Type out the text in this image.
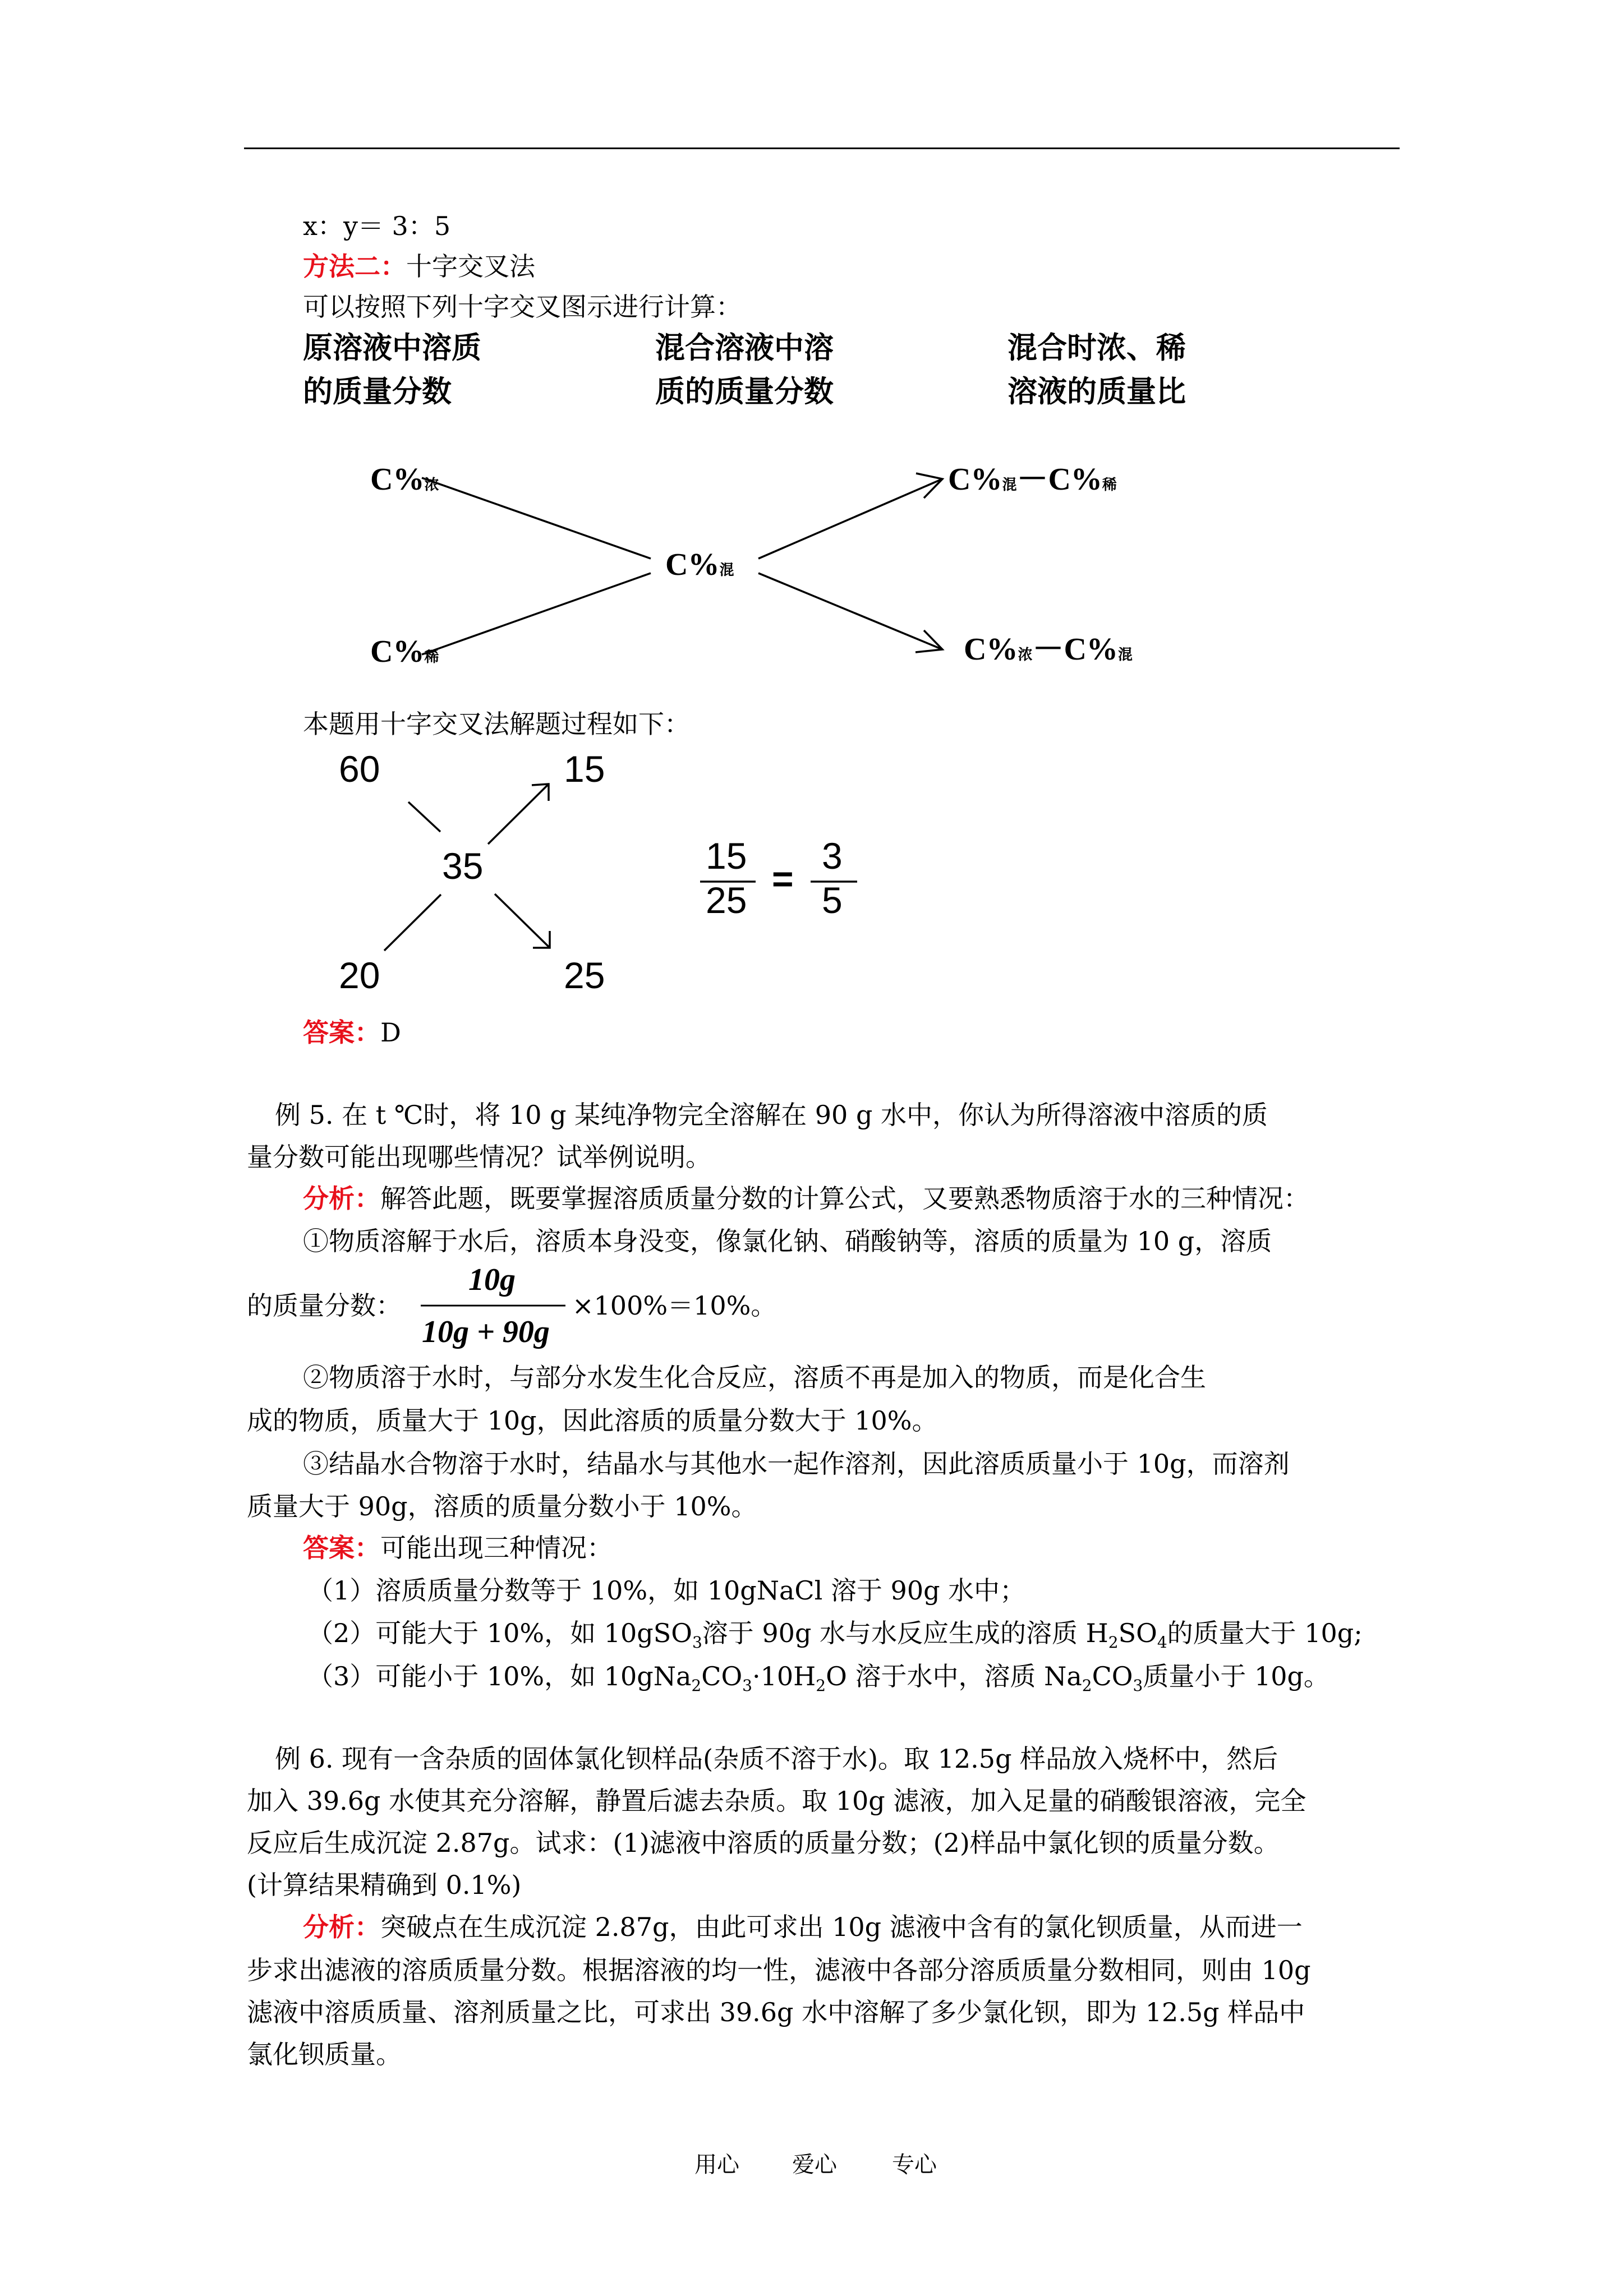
x：y＝ 3：5
方法二：十字交叉法
可以按照下列十字交叉图示进行计算：
原溶液中溶质
的质量分数
混合溶液中溶
质的质量分数
混合时浓、稀
溶液的质量比
C%浓
C%稀
C%混
C%混－C%稀
C%浓－C%混
60	15
35
20	25
15
25
=
3
5
10g
10g + 90g
本题用十字交叉法解题过程如下：
答案：D
例 5. 在 t ℃时，将 10 g 某纯净物完全溶解在 90 g 水中，你认为所得溶液中溶质的质
量分数可能出现哪些情况？试举例说明。
分析：解答此题，既要掌握溶质质量分数的计算公式，又要熟悉物质溶于水的三种情况：
①物质溶解于水后，溶质本身没变，像氯化钠、硝酸钠等，溶质的质量为 10 g，溶质
的质量分数：	×100%＝10%。
②物质溶于水时，与部分水发生化合反应，溶质不再是加入的物质，而是化合生
成的物质，质量大于 10g，因此溶质的质量分数大于 10%。
③结晶水合物溶于水时，结晶水与其他水一起作溶剂，因此溶质质量小于 10g，而溶剂
质量大于 90g，溶质的质量分数小于 10%。
答案：可能出现三种情况：
（1）溶质质量分数等于 10%，如 10gNaCl 溶于 90g 水中；
（2）可能大于 10%，如 10gSO$_3$溶于 90g 水与水反应生成的溶质 $H_2SO_4$的质量大于 10g;
（3）可能小于 10%，如 $10gNa_2CO_3\cdot 10H_2O$ 溶于水中，溶质 $Na_2CO_3$质量小于 10g。
例 6. 现有一含杂质的固体氯化钡样品(杂质不溶于水)。取 12.5g 样品放入烧杯中，然后
加入 39.6g 水使其充分溶解，静置后滤去杂质。取 10g 滤液，加入足量的硝酸银溶液，完全
反应后生成沉淀 2.87g。试求：(1)滤液中溶质的质量分数；(2)样品中氯化钡的质量分数。
(计算结果精确到 0.1%)
分析：突破点在生成沉淀 2.87g，由此可求出 10g 滤液中含有的氯化钡质量，从而进一
步求出滤液的溶质质量分数。根据溶液的均一性，滤液中各部分溶质质量分数相同，则由 10g
滤液中溶质质量、溶剂质量之比，可求出 39.6g 水中溶解了多少氯化钡，即为 12.5g 样品中
氯化钡质量。
用心 爱心 专心
